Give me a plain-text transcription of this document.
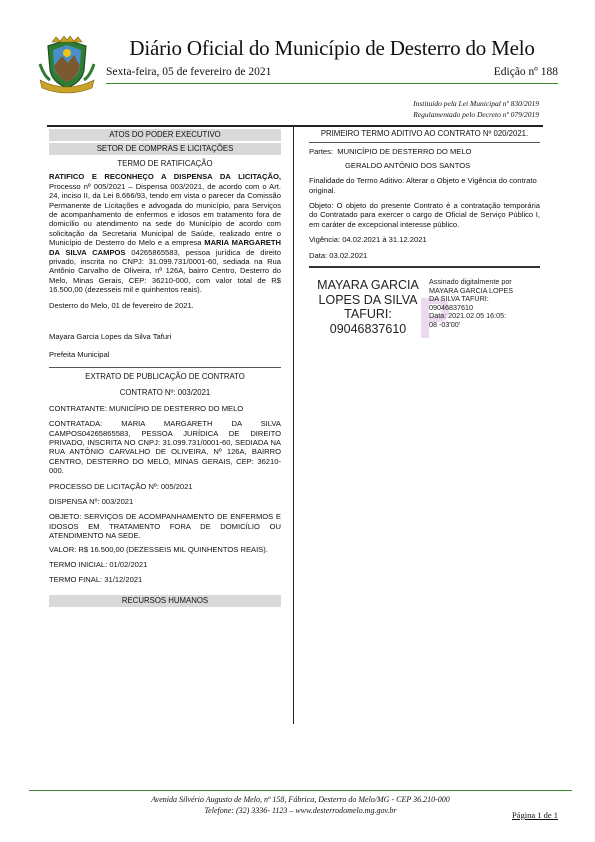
Diário Oficial do Município de Desterro do Melo
Sexta-feira, 05 de fevereiro de 2021	Edição nº 188
Instituído pela Lei Municipal nº 830/2019
Regulamentado pelo Decreto nº 079/2019
ATOS DO PODER EXECUTIVO
SETOR DE COMPRAS E LICITAÇÕES
TERMO DE RATIFICAÇÃO

RATIFICO E RECONHEÇO A DISPENSA DA LICITAÇÃO, Processo nº 005/2021 – Dispensa 003/2021, de acordo com o Art. 24, inciso II, da Lei 8.666/93, tendo em vista o parecer da Comissão Permanente de Licitações e advogada do município, para Serviços de acompanhamento de enfermos e idosos em tratamento fora de domicílio ou atendimento na sede do Município de acordo com solicitação da Secretaria Municipal de Saúde, realizado entre o Município de Desterro do Melo e a empresa MARIA MARGARETH DA SILVA CAMPOS 04265865583, pessoa jurídica de direito privado, inscrita no CNPJ: 31.099.731/0001-60, sediada na Rua Antônio Carvalho de Oliveira, nº 126A, bairro Centro, Desterro do Melo, Minas Gerais, CEP: 36210-000, com valor total de R$ 16.500,00 (dezesseis mil e quinhentos reais).

Desterro do Melo, 01 de fevereiro de 2021.

Mayara Garcia Lopes da Silva Tafuri

Prefeita Municipal

EXTRATO DE PUBLICAÇÃO DE CONTRATO
CONTRATO Nº: 003/2021

CONTRATANTE: MUNICÍPIO DE DESTERRO DO MELO

CONTRATADA: MARIA MARGARETH DA SILVA CAMPOS04265865583, PESSOA JURÍDICA DE DIREITO PRIVADO, INSCRITA NO CNPJ: 31.099.731/0001-60, SEDIADA NA RUA ANTÔNIO CARVALHO DE OLIVEIRA, Nº 126A, BAIRRO CENTRO, DESTERRO DO MELO, MINAS GERAIS, CEP: 36210-000.

PROCESSO DE LICITAÇÃO Nº: 005/2021

DISPENSA Nº: 003/2021

OBJETO: SERVIÇOS DE ACOMPANHAMENTO DE ENFERMOS E IDOSOS EM TRATAMENTO FORA DE DOMICÍLIO OU ATENDIMENTO NA SEDE.

VALOR: R$ 16.500,00 (DEZESSEIS MIL QUINHENTOS REAIS).

TERMO INICIAL: 01/02/2021

TERMO FINAL: 31/12/2021

RECURSOS HUMANOS
PRIMEIRO TERMO ADITIVO AO CONTRATO Nº 020/2021.

Partes: MUNICÍPIO DE DESTERRO DO MELO

GERALDO ANTÔNIO DOS SANTOS

Finalidade do Termo Aditivo: Alterar o Objeto e Vigência do contrato original.

Objeto: O objeto do presente Contrato é a contratação temporária do Contratado para exercer o cargo de Oficial de Serviço Público I, em caráter de excepcional interesse público.

Vigência: 04.02.2021 à 31.12.2021

Data: 03.02.2021

MAYARA GARCIA
LOPES DA SILVA
TAFURI:
09046837610
Assinado digitalmente por
MAYARA GARCIA LOPES
DA SILVA TAFURI:
09046837610
Data: 2021.02.05 16:05:
08 -03'00'
Avenida Silvério Augusto de Melo, nº 158, Fábrica, Desterro do Melo/MG - CEP 36.210-000
Telefone: (32) 3336- 1123 – www.desterrodomelo.mg.gov.br	Página 1 de 1
